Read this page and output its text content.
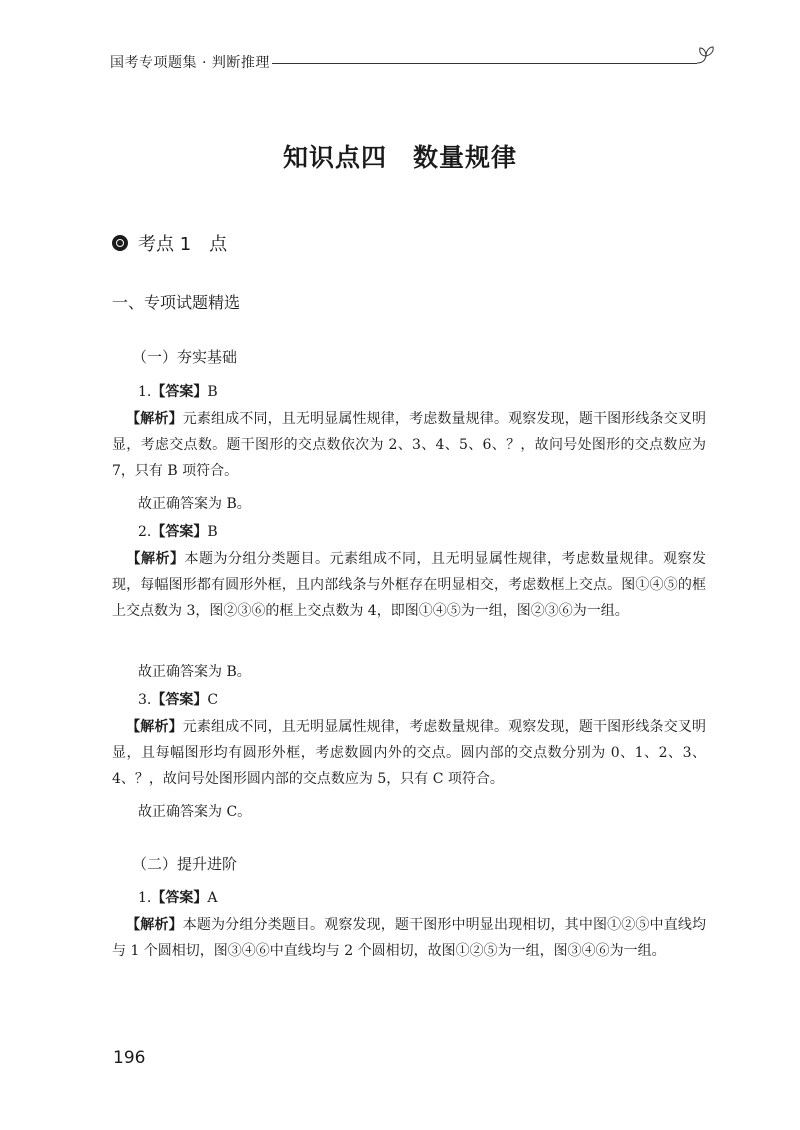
国考专项题集 · 判断推理
知识点四　数量规律
考点 1　点
一、专项试题精选
（一）夯实基础
1.【答案】B

【解析】元素组成不同，且无明显属性规律，考虑数量规律。观察发现，题干图形线条交叉明显，考虑交点数。题干图形的交点数依次为 2、3、4、5、6、？，故问号处图形的交点数应为 7，只有 B 项符合。

故正确答案为 B。
2.【答案】B

【解析】本题为分组分类题目。元素组成不同，且无明显属性规律，考虑数量规律。观察发现，每幅图形都有圆形外框，且内部线条与外框存在明显相交，考虑数框上交点。图①④⑤的框上交点数为 3，图②③⑥的框上交点数为 4，即图①④⑤为一组，图②③⑥为一组。

故正确答案为 B。
3.【答案】C

【解析】元素组成不同，且无明显属性规律，考虑数量规律。观察发现，题干图形线条交叉明显，且每幅图形均有圆形外框，考虑数圆内外的交点。圆内部的交点数分别为 0、1、2、3、4、？，故问号处图形圆内部的交点数应为 5，只有 C 项符合。

故正确答案为 C。
（二）提升进阶
1.【答案】A

【解析】本题为分组分类题目。观察发现，题干图形中明显出现相切，其中图①②⑤中直线均与 1 个圆相切，图③④⑥中直线均与 2 个圆相切，故图①②⑤为一组，图③④⑥为一组。

196
